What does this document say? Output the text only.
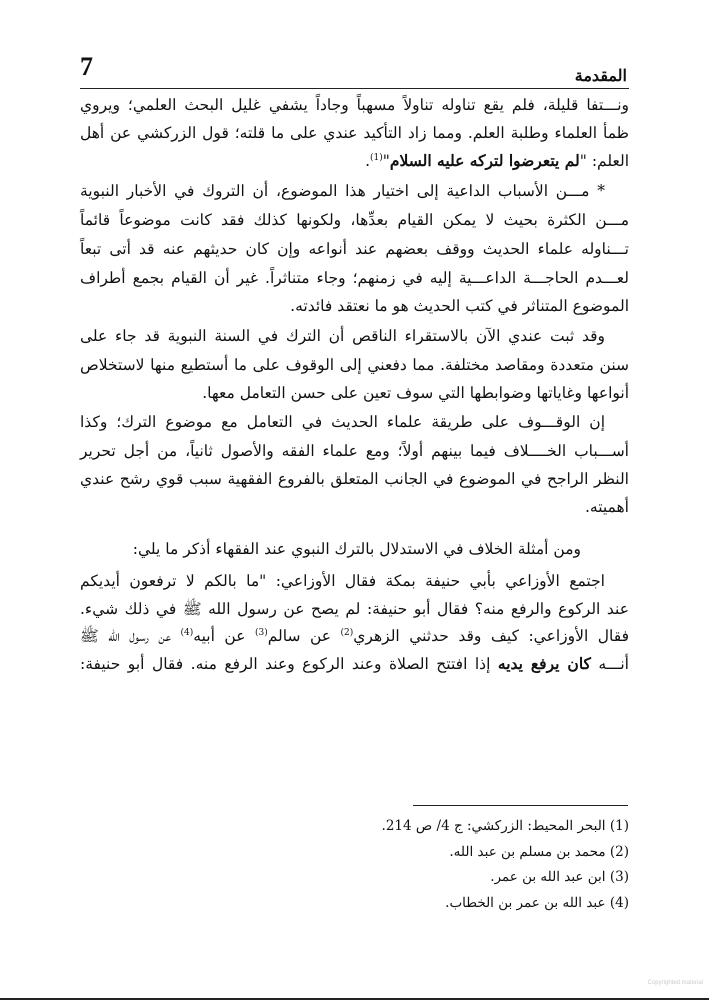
المقدمة
7
ونـــتفا قليلة، فلم يقع تناوله تناولاً مسهباً وجاداً يشفي غليل البحث العلمي؛ ويروي
ظمأ العلماء وطلبة العلم. ومما زاد التأكيد عندي على ما قلته؛ قول الزركشي عن أهل
العلم: "لم يتعرضوا لتركه عليه السلام"$^{(1)}$.
* مـــن الأسباب الداعية إلى اختيار هذا الموضوع، أن التروك في الأخبار النبوية
مـــن الكثرة بحيث لا يمكن القيام بعدِّها، ولكونها كذلك فقد كانت موضوعاً قائماً
تـــناوله علماء الحديث ووقف بعضهم عند أنواعه وإن كان حديثهم عنه قد أتى تبعاً
لعـــدم الحاجـــة الداعـــية إليه في زمنهم؛ وجاء متناثراً. غير أن القيام بجمع أطراف
الموضوع المتناثر في كتب الحديث هو ما نعتقد فائدته.
وقد ثبت عندي الآن بالاستقراء الناقص أن الترك في السنة النبوية قد جاء على
سنن متعددة ومقاصد مختلفة. مما دفعني إلى الوقوف على ما أستطيع منها لاستخلاص
أنواعها وغاياتها وضوابطها التي سوف تعين على حسن التعامل معها.
إن الوقـــوف على طريقة علماء الحديث في التعامل مع موضوع الترك؛ وكذا
أســـباب الخــــلاف فيما بينهم أولاً؛ ومع علماء الفقه والأصول ثانياً، من أجل تحرير
النظر الراجح في الموضوع في الجانب المتعلق بالفروع الفقهية سبب قوي رشح عندي
أهميته.
ومن أمثلة الخلاف في الاستدلال بالترك النبوي عند الفقهاء أذكر ما يلي:
اجتمع الأوزاعي بأبي حنيفة بمكة فقال الأوزاعي: "ما بالكم لا ترفعون أيديكم
عند الركوع والرفع منه؟ فقال أبو حنيفة: لم يصح عن رسول الله ﷺ في ذلك شيء.
فقال الأوزاعي: كيف وقد حدثني الزهري$^{(2)}$ عن سالم$^{(3)}$ عن أبيه$^{(4)}$ عن رسول الله ﷺ
أنـــه كان يرفع يديه إذا افتتح الصلاة وعند الركوع وعند الرفع منه. فقال أبو حنيفة:
(1) البحر المحيط: الزركشي: ج 4/ ص 214.
(2) محمد بن مسلم بن عبد الله.
(3) ابن عبد الله بن عمر.
(4) عبد الله بن عمر بن الخطاب.
Copyrighted material
